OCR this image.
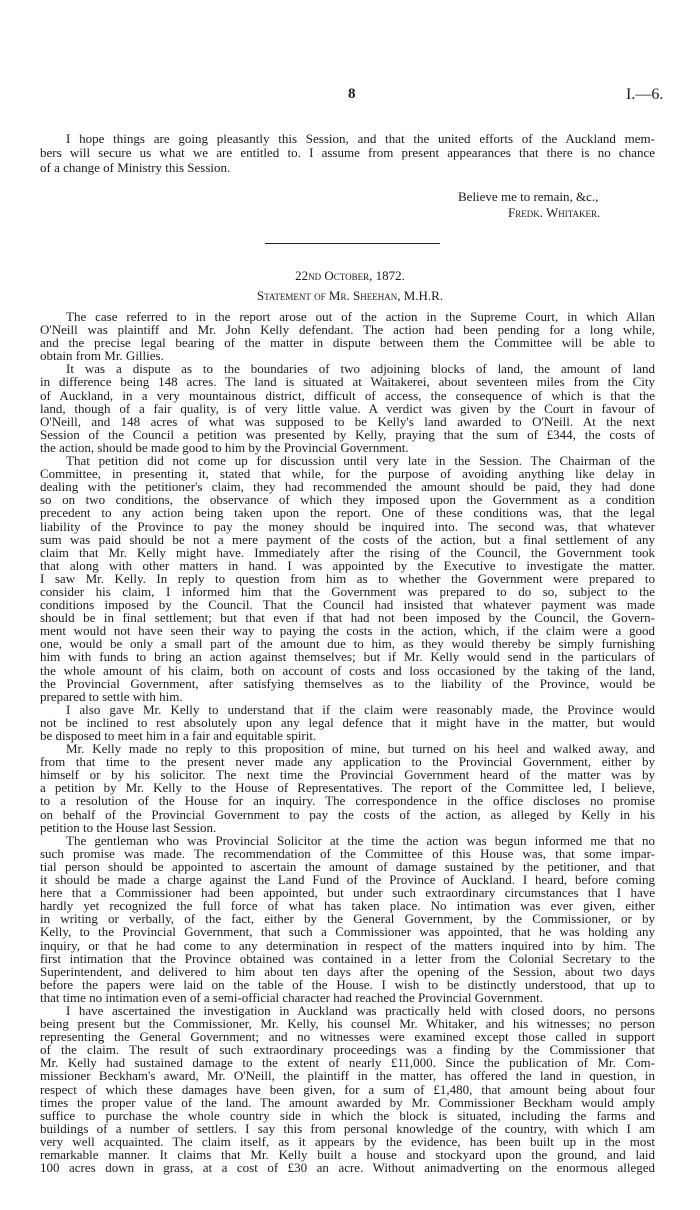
8	I.—6.
I hope things are going pleasantly this Session, and that the united efforts of the Auckland mem-
bers will secure us what we are entitled to. I assume from present appearances that there is no chance
of a change of Ministry this Session.
Believe me to remain, &c.,
Fredk. Whitaker.
22nd October, 1872.
Statement of Mr. Sheehan, M.H.R.
The case referred to in the report arose out of the action in the Supreme Court, in which Allan
O'Neill was plaintiff and Mr. John Kelly defendant. The action had been pending for a long while,
and the precise legal bearing of the matter in dispute between them the Committee will be able to
obtain from Mr. Gillies.
It was a dispute as to the boundaries of two adjoining blocks of land, the amount of land
in difference being 148 acres. The land is situated at Waitakerei, about seventeen miles from the City
of Auckland, in a very mountainous district, difficult of access, the consequence of which is that the
land, though of a fair quality, is of very little value. A verdict was given by the Court in favour of
O'Neill, and 148 acres of what was supposed to be Kelly's land awarded to O'Neill. At the next
Session of the Council a petition was presented by Kelly, praying that the sum of £344, the costs of
the action, should be made good to him by the Provincial Government.
That petition did not come up for discussion until very late in the Session. The Chairman of the
Committee, in presenting it, stated that while, for the purpose of avoiding anything like delay in
dealing with the petitioner's claim, they had recommended the amount should be paid, they had done
so on two conditions, the observance of which they imposed upon the Government as a condition
precedent to any action being taken upon the report. One of these conditions was, that the legal
liability of the Province to pay the money should be inquired into. The second was, that whatever
sum was paid should be not a mere payment of the costs of the action, but a final settlement of any
claim that Mr. Kelly might have. Immediately after the rising of the Council, the Government took
that along with other matters in hand. I was appointed by the Executive to investigate the matter.
I saw Mr. Kelly. In reply to question from him as to whether the Government were prepared to
consider his claim, I informed him that the Government was prepared to do so, subject to the
conditions imposed by the Council. That the Council had insisted that whatever payment was made
should be in final settlement; but that even if that had not been imposed by the Council, the Govern-
ment would not have seen their way to paying the costs in the action, which, if the claim were a good
one, would be only a small part of the amount due to him, as they would thereby be simply furnishing
him with funds to bring an action against themselves; but if Mr. Kelly would send in the particulars of
the whole amount of his claim, both on account of costs and loss occasioned by the taking of the land,
the Provincial Government, after satisfying themselves as to the liability of the Province, would be
prepared to settle with him.
I also gave Mr. Kelly to understand that if the claim were reasonably made, the Province would
not be inclined to rest absolutely upon any legal defence that it might have in the matter, but would
be disposed to meet him in a fair and equitable spirit.
Mr. Kelly made no reply to this proposition of mine, but turned on his heel and walked away, and
from that time to the present never made any application to the Provincial Government, either by
himself or by his solicitor. The next time the Provincial Government heard of the matter was by
a petition by Mr. Kelly to the House of Representatives. The report of the Committee led, I believe,
to a resolution of the House for an inquiry. The correspondence in the office discloses no promise
on behalf of the Provincial Government to pay the costs of the action, as alleged by Kelly in his
petition to the House last Session.
The gentleman who was Provincial Solicitor at the time the action was begun informed me that no
such promise was made. The recommendation of the Committee of this House was, that some impar-
tial person should be appointed to ascertain the amount of damage sustained by the petitioner, and that
it should be made a charge against the Land Fund of the Province of Auckland. I heard, before coming
here that a Commissioner had been appointed, but under such extraordinary circumstances that I have
hardly yet recognized the full force of what has taken place. No intimation was ever given, either
in writing or verbally, of the fact, either by the General Government, by the Commissioner, or by
Kelly, to the Provincial Government, that such a Commissioner was appointed, that he was holding any
inquiry, or that he had come to any determination in respect of the matters inquired into by him. The
first intimation that the Province obtained was contained in a letter from the Colonial Secretary to the
Superintendent, and delivered to him about ten days after the opening of the Session, about two days
before the papers were laid on the table of the House. I wish to be distinctly understood, that up to
that time no intimation even of a semi-official character had reached the Provincial Government.
I have ascertained the investigation in Auckland was practically held with closed doors, no persons
being present but the Commissioner, Mr. Kelly, his counsel Mr. Whitaker, and his witnesses; no person
representing the General Government; and no witnesses were examined except those called in support
of the claim. The result of such extraordinary proceedings was a finding by the Commissioner that
Mr. Kelly had sustained damage to the extent of nearly £11,000. Since the publication of Mr. Com-
missioner Beckham's award, Mr. O'Neill, the plaintiff in the matter, has offered the land in question, in
respect of which these damages have been given, for a sum of £1,480, that amount being about four
times the proper value of the land. The amount awarded by Mr. Commissioner Beckham would amply
suffice to purchase the whole country side in which the block is situated, including the farms and
buildings of a number of settlers. I say this from personal knowledge of the country, with which I am
very well acquainted. The claim itself, as it appears by the evidence, has been built up in the most
remarkable manner. It claims that Mr. Kelly built a house and stockyard upon the ground, and laid
100 acres down in grass, at a cost of £30 an acre. Without animadverting on the enormous alleged
